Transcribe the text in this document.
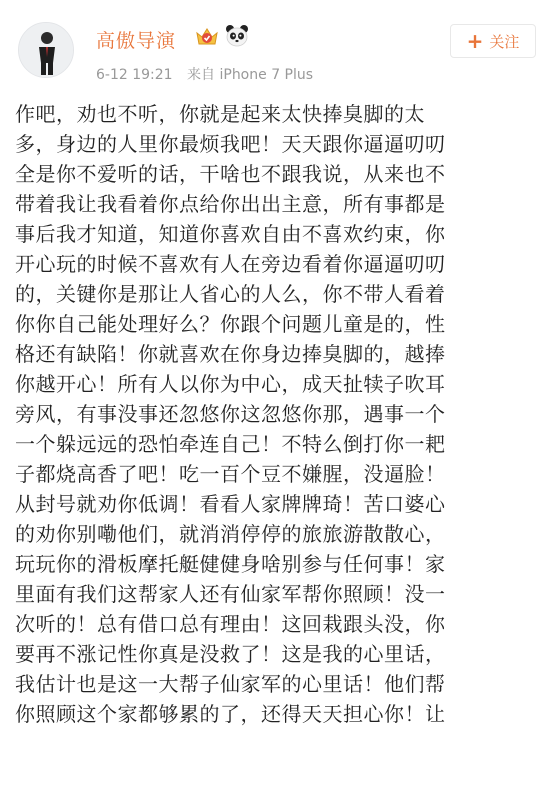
高傲导演
6-12 19:21 来自 iPhone 7 Plus
+ 关注
作吧，劝也不听，你就是起来太快捧臭脚的太
多，身边的人里你最烦我吧！天天跟你逼逼叨叨
全是你不爱听的话，干啥也不跟我说，从来也不
带着我让我看着你点给你出出主意，所有事都是
事后我才知道，知道你喜欢自由不喜欢约束，你
开心玩的时候不喜欢有人在旁边看着你逼逼叨叨
的，关键你是那让人省心的人么，你不带人看着
你你自己能处理好么？你跟个问题儿童是的，性
格还有缺陷！你就喜欢在你身边捧臭脚的，越捧
你越开心！所有人以你为中心，成天扯犊子吹耳
旁风，有事没事还忽悠你这忽悠你那，遇事一个
一个躲远远的恐怕牵连自己！不特么倒打你一耙
子都烧高香了吧！吃一百个豆不嫌腥，没逼脸！
从封号就劝你低调！看看人家牌牌琦！苦口婆心
的劝你别嘞他们，就消消停停的旅旅游散散心，
玩玩你的滑板摩托艇健健身啥别参与任何事！家
里面有我们这帮家人还有仙家军帮你照顾！没一
次听的！总有借口总有理由！这回栽跟头没，你
要再不涨记性你真是没救了！这是我的心里话，
我估计也是这一大帮子仙家军的心里话！他们帮
你照顾这个家都够累的了，还得天天担心你！让
